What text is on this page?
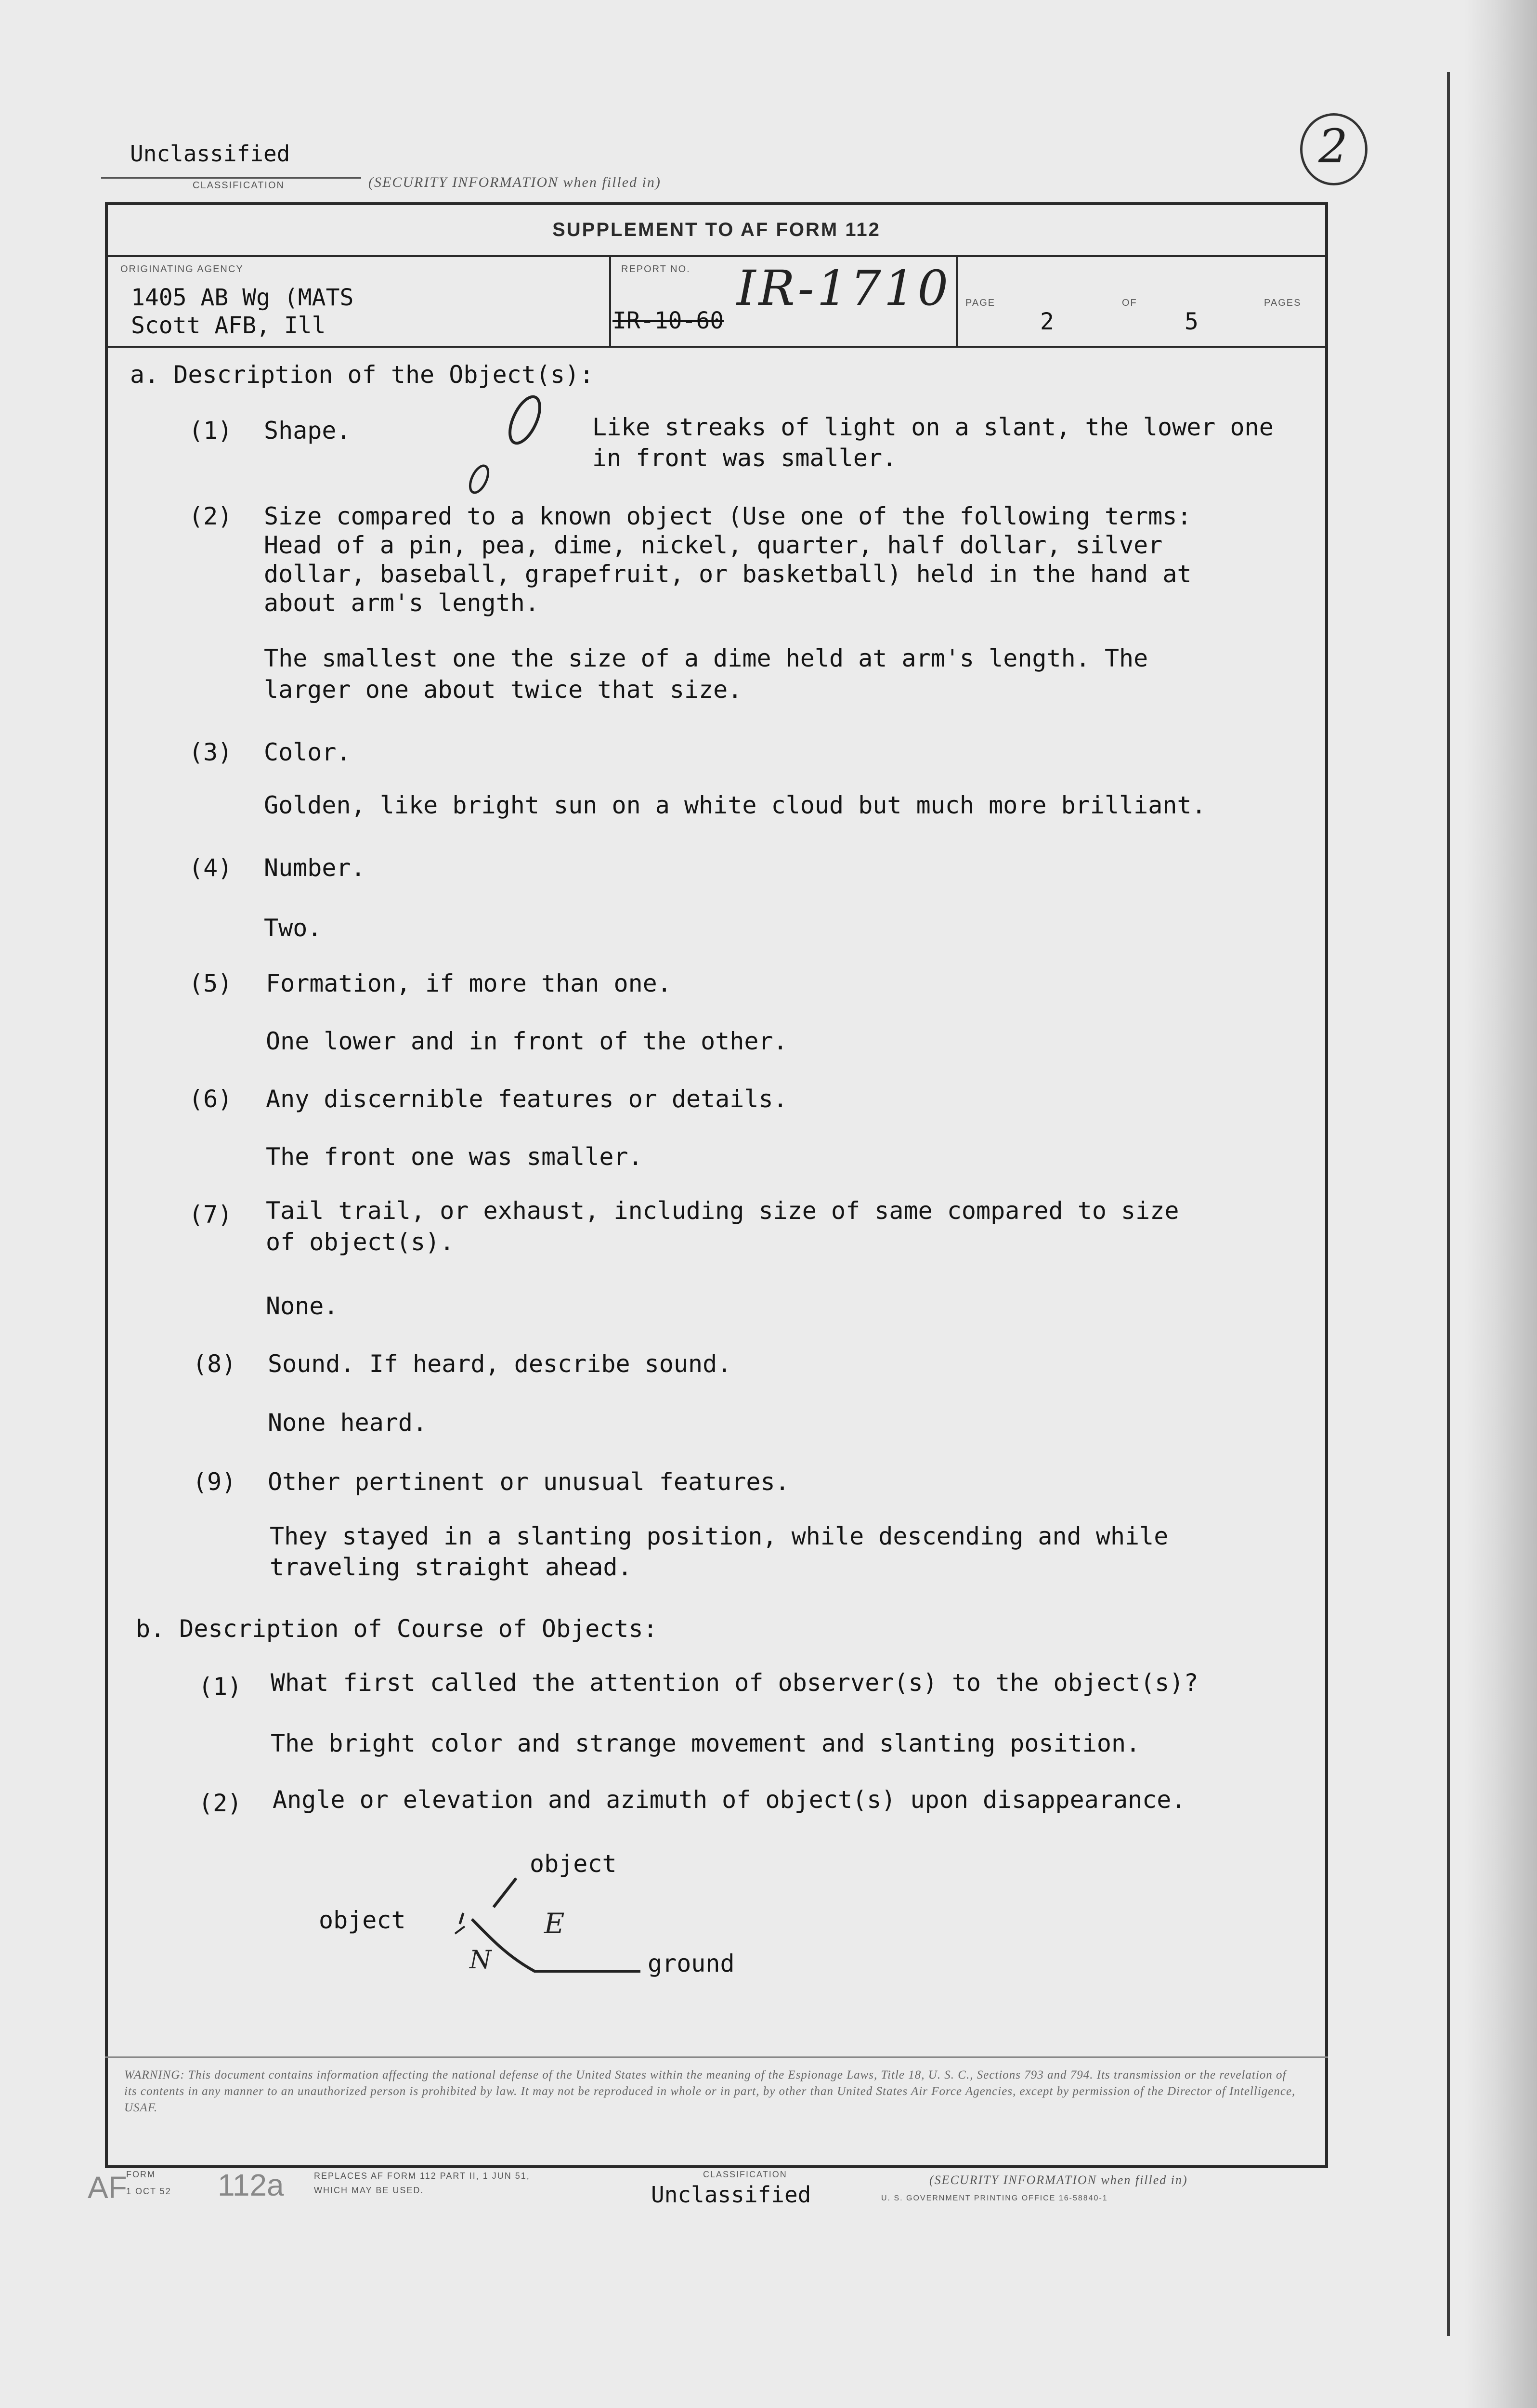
Unclassified
CLASSIFICATION	(SECURITY INFORMATION when filled in)
2
SUPPLEMENT TO AF FORM 112
ORIGINATING AGENCY
1405 AB Wg (MATS
Scott AFB, Ill
REPORT NO. IR-1710
IR-10-60
PAGE
2
OF
5
PAGES
a. Description of the Object(s):
(1) Shape.	Like streaks of light on a slant, the lower one
in front was smaller.
(2) Size compared to a known object (Use one of the following terms:
Head of a pin, pea, dime, nickel, quarter, half dollar, silver
dollar, baseball, grapefruit, or basketball) held in the hand at
about arm's length.
The smallest one the size of a dime held at arm's length. The
larger one about twice that size.
(3) Color.
Golden, like bright sun on a white cloud but much more brilliant.
(4) Number.
Two.
(5) Formation, if more than one.
One lower and in front of the other.
(6) Any discernible features or details.
The front one was smaller.
(7) Tail trail, or exhaust, including size of same compared to size
of object(s).
None.
(8) Sound. If heard, describe sound.
None heard.
(9) Other pertinent or unusual features.
They stayed in a slanting position, while descending and while
traveling straight ahead.
b. Description of Course of Objects:
(1) What first called the attention of observer(s) to the object(s)?
The bright color and strange movement and slanting position.
(2) Angle or elevation and azimuth of object(s) upon disappearance.
object
object	E
N	ground
WARNING: This document contains information affecting the national defense of the United States within the meaning of the Espionage Laws, Title 18, U. S. C., Sections 793 and 794. Its transmission or the revelation of its contents in any manner to an unauthorized person is prohibited by law. It may not be reproduced in whole or in part, by other than United States Air Force Agencies, except by permission of the Director of Intelligence, USAF.
AF
FORM
1 OCT 52 112a	REPLACES AF FORM 112 PART II, 1 JUN 51,
WHICH MAY BE USED.
CLASSIFICATION
Unclassified
(SECURITY INFORMATION when filled in)
U. S. GOVERNMENT PRINTING OFFICE 16-58840-1
